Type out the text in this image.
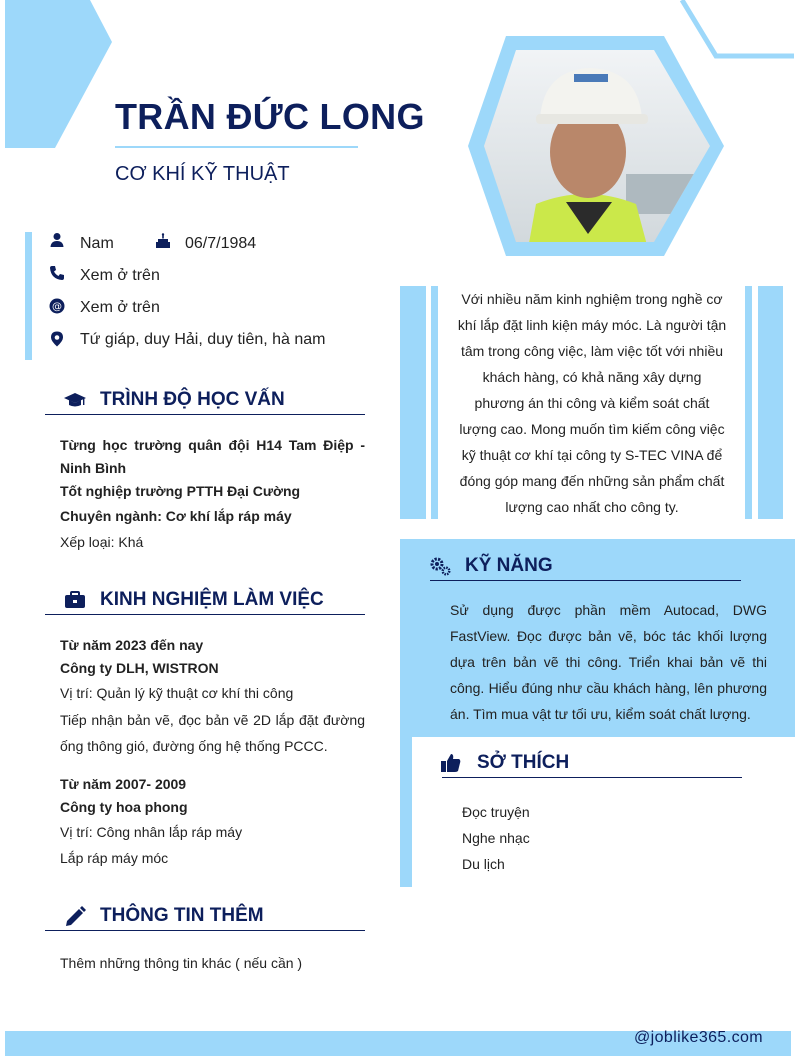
TRẦN ĐỨC LONG
CƠ KHÍ KỸ THUẬT
Nam	06/7/1984
Xem ở trên
@ Xem ở trên
Tứ giáp, duy Hải, duy tiên, hà nam
TRÌNH ĐỘ HỌC VẤN
Từng học trường quân đội H14 Tam Điệp - Ninh Bình
Tốt nghiệp trường PTTH Đại Cường
Chuyên ngành: Cơ khí lắp ráp máy
Xếp loại: Khá
KINH NGHIỆM LÀM VIỆC
Từ năm 2023 đến nay
Công ty DLH, WISTRON
Vị trí: Quản lý kỹ thuật cơ khí thi công
Tiếp nhận bản vẽ, đọc bản vẽ 2D lắp đặt đường ống thông gió, đường ống hệ thống PCCC.
Từ năm 2007- 2009
Công ty hoa phong
Vị trí: Công nhân lắp ráp máy
Lắp ráp máy móc
THÔNG TIN THÊM
Thêm những thông tin khác ( nếu cần )
Với nhiều năm kinh nghiệm trong nghề cơ khí lắp đặt linh kiện máy móc. Là người tận tâm trong công việc, làm việc tốt với nhiều khách hàng, có khả năng xây dựng phương án thi công và kiểm soát chất lượng cao. Mong muốn tìm kiếm công việc kỹ thuật cơ khí tại công ty S-TEC VINA để đóng góp mang đến những sản phẩm chất lượng cao nhất cho công ty.
KỸ NĂNG
Sử dụng được phần mềm Autocad, DWG FastView. Đọc được bản vẽ, bóc tác khối lượng dựa trên bản vẽ thi công. Triển khai bản vẽ thi công. Hiểu đúng như cầu khách hàng, lên phương án. Tìm mua vật tư tối ưu, kiểm soát chất lượng.
SỞ THÍCH
Đọc truyện
Nghe nhạc
Du lịch
@joblike365.com
